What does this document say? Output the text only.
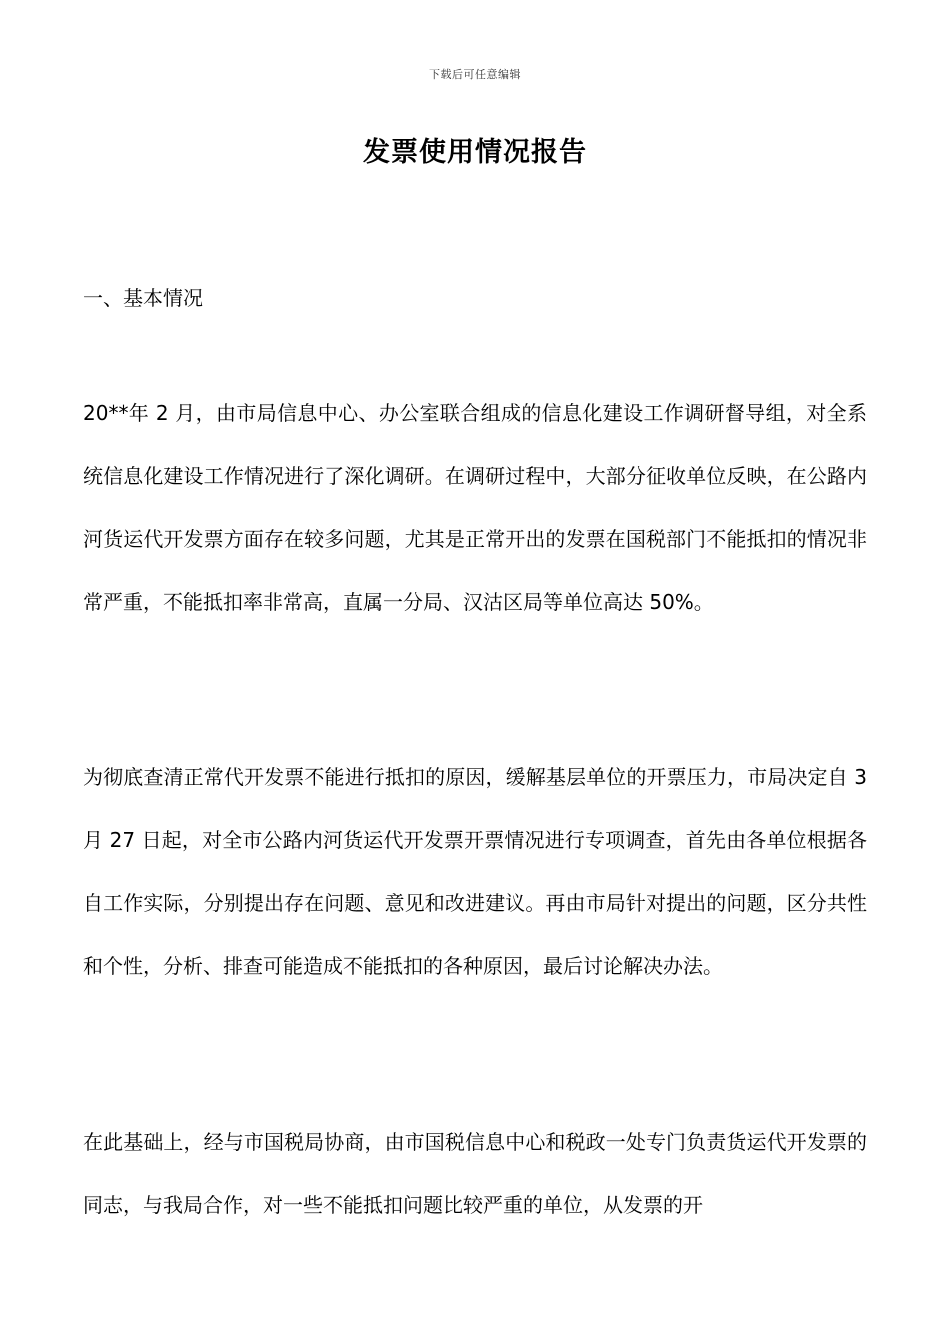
下载后可任意编辑
发票使用情况报告
一、基本情况

20**年 2 月，由市局信息中心、办公室联合组成的信息化建设工作调研督导组，对全系统信息化建设工作情况进行了深化调研。在调研过程中，大部分征收单位反映，在公路内河货运代开发票方面存在较多问题，尤其是正常开出的发票在国税部门不能抵扣的情况非常严重，不能抵扣率非常高，直属一分局、汉沽区局等单位高达 50%。

为彻底查清正常代开发票不能进行抵扣的原因，缓解基层单位的开票压力，市局决定自 3 月 27 日起，对全市公路内河货运代开发票开票情况进行专项调查，首先由各单位根据各自工作实际，分别提出存在问题、意见和改进建议。再由市局针对提出的问题，区分共性和个性，分析、排查可能造成不能抵扣的各种原因，最后讨论解决办法。

在此基础上，经与市国税局协商，由市国税信息中心和税政一处专门负责货运代开发票的同志，与我局合作，对一些不能抵扣问题比较严重的单位，从发票的开
